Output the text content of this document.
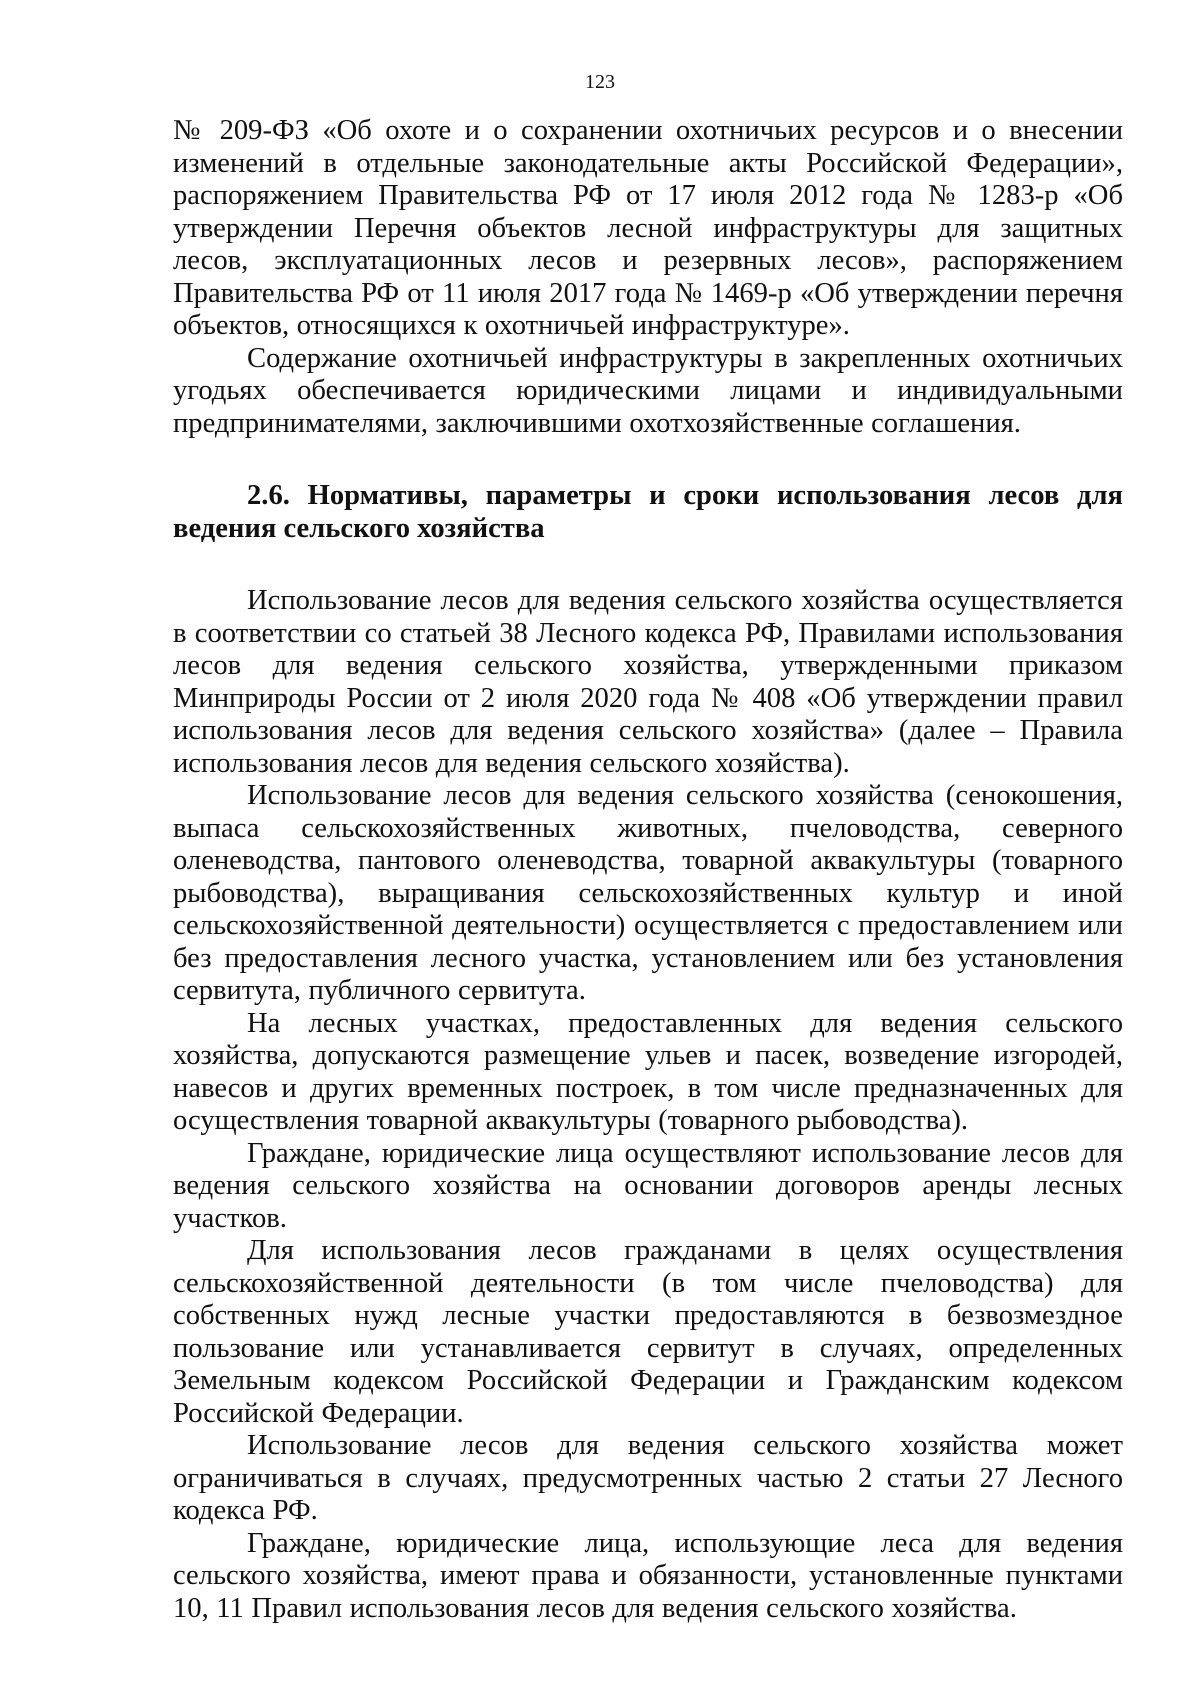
123

№ 209-ФЗ «Об охоте и о сохранении охотничьих ресурсов и о внесении изменений в отдельные законодательные акты Российской Федерации», распоряжением Правительства РФ от 17 июля 2012 года № 1283-р «Об утверждении Перечня объектов лесной инфраструктуры для защитных лесов, эксплуатационных лесов и резервных лесов», распоряжением Правительства РФ от 11 июля 2017 года № 1469-р «Об утверждении перечня объектов, относящихся к охотничьей инфраструктуре».

Содержание охотничьей инфраструктуры в закрепленных охотничьих угодьях обеспечивается юридическими лицами и индивидуальными предпринимателями, заключившими охотхозяйственные соглашения.

2.6. Нормативы, параметры и сроки использования лесов для ведения сельского хозяйства

Использование лесов для ведения сельского хозяйства осуществляется в соответствии со статьей 38 Лесного кодекса РФ, Правилами использования лесов для ведения сельского хозяйства, утвержденными приказом Минприроды России от 2 июля 2020 года № 408 «Об утверждении правил использования лесов для ведения сельского хозяйства» (далее – Правила использования лесов для ведения сельского хозяйства).

Использование лесов для ведения сельского хозяйства (сенокошения, выпаса сельскохозяйственных животных, пчеловодства, северного оленеводства, пантового оленеводства, товарной аквакультуры (товарного рыбоводства), выращивания сельскохозяйственных культур и иной сельскохозяйственной деятельности) осуществляется с предоставлением или без предоставления лесного участка, установлением или без установления сервитута, публичного сервитута.

На лесных участках, предоставленных для ведения сельского хозяйства, допускаются размещение ульев и пасек, возведение изгородей, навесов и других временных построек, в том числе предназначенных для осуществления товарной аквакультуры (товарного рыбоводства).

Граждане, юридические лица осуществляют использование лесов для ведения сельского хозяйства на основании договоров аренды лесных участков.

Для использования лесов гражданами в целях осуществления сельскохозяйственной деятельности (в том числе пчеловодства) для собственных нужд лесные участки предоставляются в безвозмездное пользование или устанавливается сервитут в случаях, определенных Земельным кодексом Российской Федерации и Гражданским кодексом Российской Федерации.

Использование лесов для ведения сельского хозяйства может ограничиваться в случаях, предусмотренных частью 2 статьи 27 Лесного кодекса РФ.

Граждане, юридические лица, использующие леса для ведения сельского хозяйства, имеют права и обязанности, установленные пунктами 10, 11 Правил использования лесов для ведения сельского хозяйства.
